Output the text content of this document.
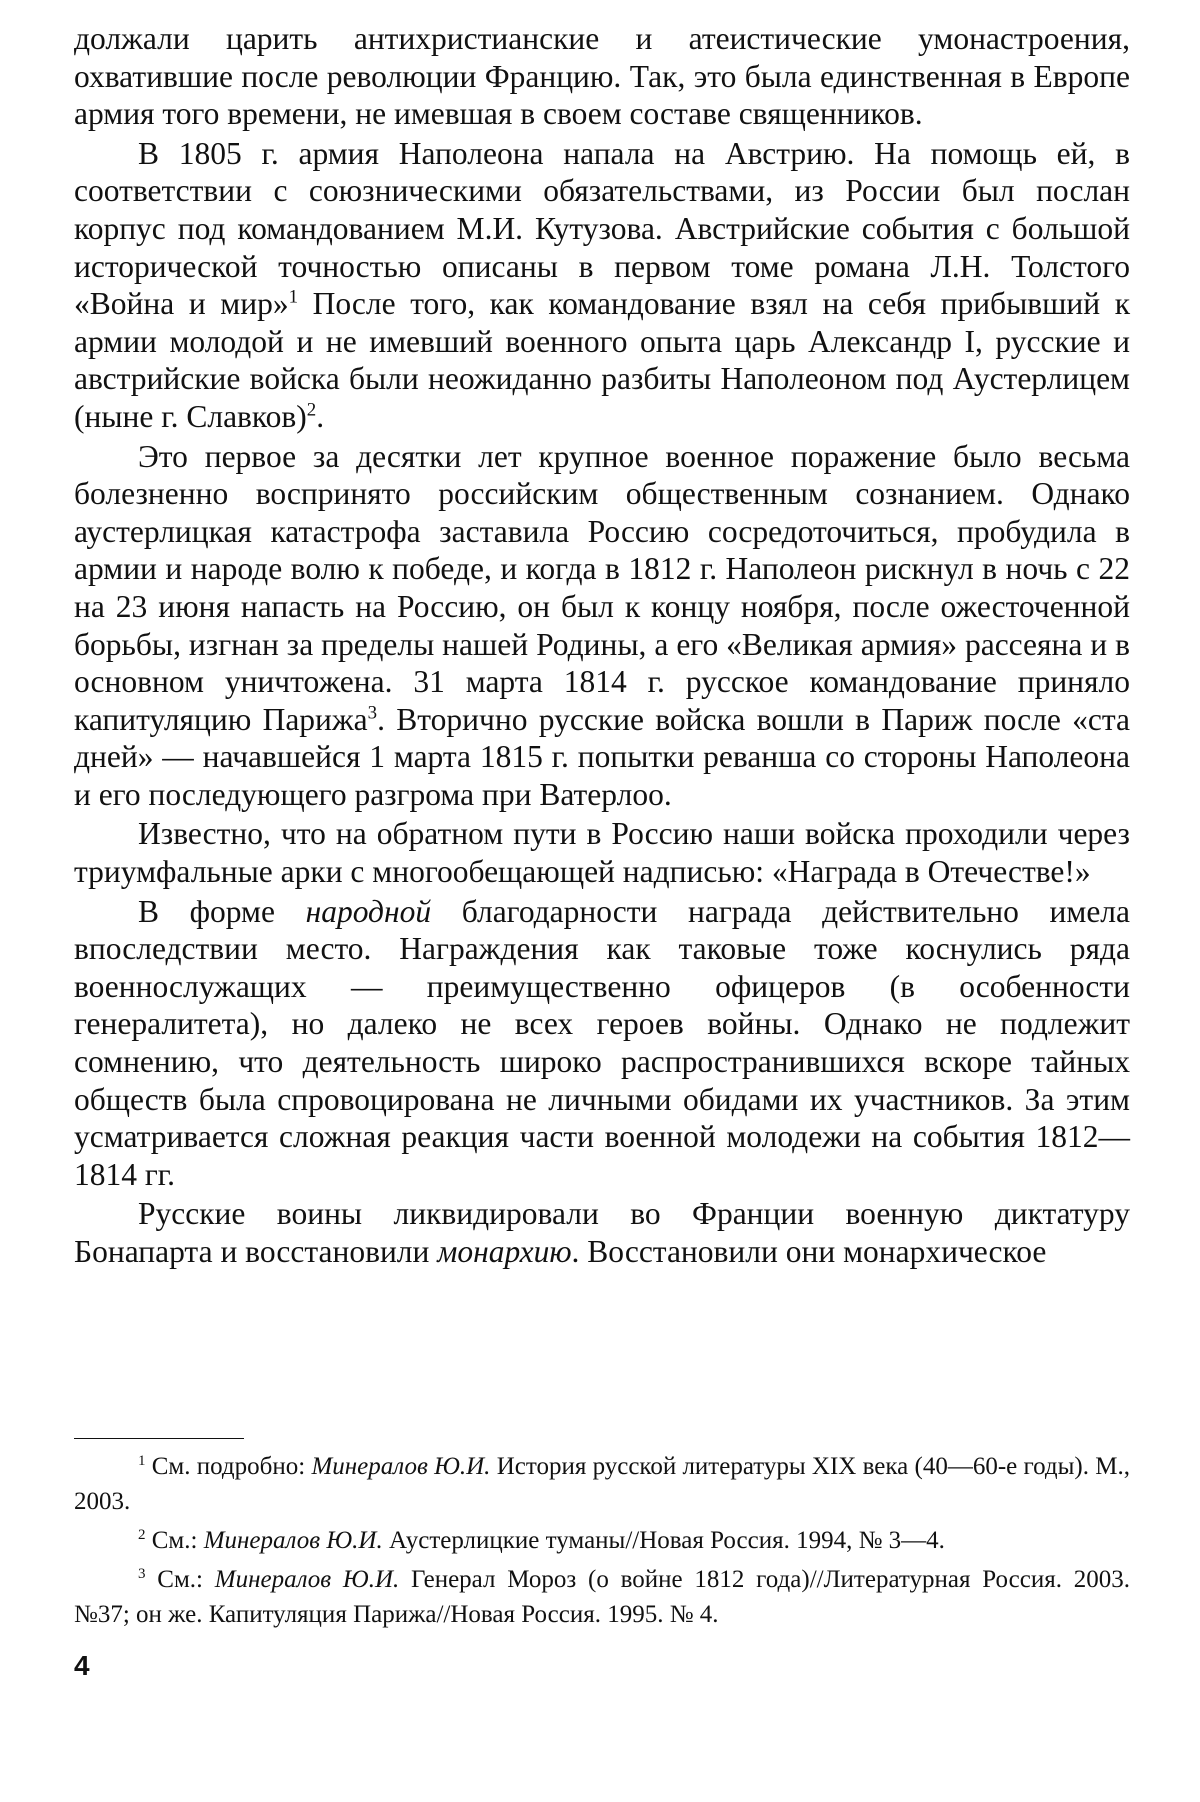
должали царить антихристианские и атеистические умонастроения, охватившие после революции Францию. Так, это была единственная в Европе армия того времени, не имевшая в своем составе священников.

В 1805 г. армия Наполеона напала на Австрию. На помощь ей, в соответствии с союзническими обязательствами, из России был послан корпус под командованием М.И. Кутузова. Австрийские события с большой исторической точностью описаны в первом томе романа Л.Н. Толстого «Война и мир»$^1$ После того, как командование взял на себя прибывший к армии молодой и не имевший военного опыта царь Александр I, русские и австрийские войска были неожиданно разбиты Наполеоном под Аустерлицем (ныне г. Славков)$^2$.

Это первое за десятки лет крупное военное поражение было весьма болезненно воспринято российским общественным сознанием. Однако аустерлицкая катастрофа заставила Россию сосредоточиться, пробудила в армии и народе волю к победе, и когда в 1812 г. Наполеон рискнул в ночь с 22 на 23 июня напасть на Россию, он был к концу ноября, после ожесточенной борьбы, изгнан за пределы нашей Родины, а его «Великая армия» рассеяна и в основном уничтожена. 31 марта 1814 г. русское командование приняло капитуляцию Парижа$^3$. Вторично русские войска вошли в Париж после «ста дней» — начавшейся 1 марта 1815 г. попытки реванша со стороны Наполеона и его последующего разгрома при Ватерлоо.

Известно, что на обратном пути в Россию наши войска проходили через триумфальные арки с многообещающей надписью: «Награда в Отечестве!»

В форме народной благодарности награда действительно имела впоследствии место. Награждения как таковые тоже коснулись ряда военнослужащих — преимущественно офицеров (в особенности генералитета), но далеко не всех героев войны. Однако не подлежит сомнению, что деятельность широко распространившихся вскоре тайных обществ была спровоцирована не личными обидами их участников. За этим усматривается сложная реакция части военной молодежи на события 1812—1814 гг.

Русские воины ликвидировали во Франции военную диктатуру Бонапарта и восстановили монархию. Восстановили они монархическое

$^1$ См. подробно: Минералов Ю.И. История русской литературы XIX века (40—60-е годы). М., 2003.

$^2$ См.: Минералов Ю.И. Аустерлицкие туманы//Новая Россия. 1994, № 3—4.

$^3$ См.: Минералов Ю.И. Генерал Мороз (о войне 1812 года)//Литературная Россия. 2003. №37; он же. Капитуляция Парижа//Новая Россия. 1995. № 4.

4
